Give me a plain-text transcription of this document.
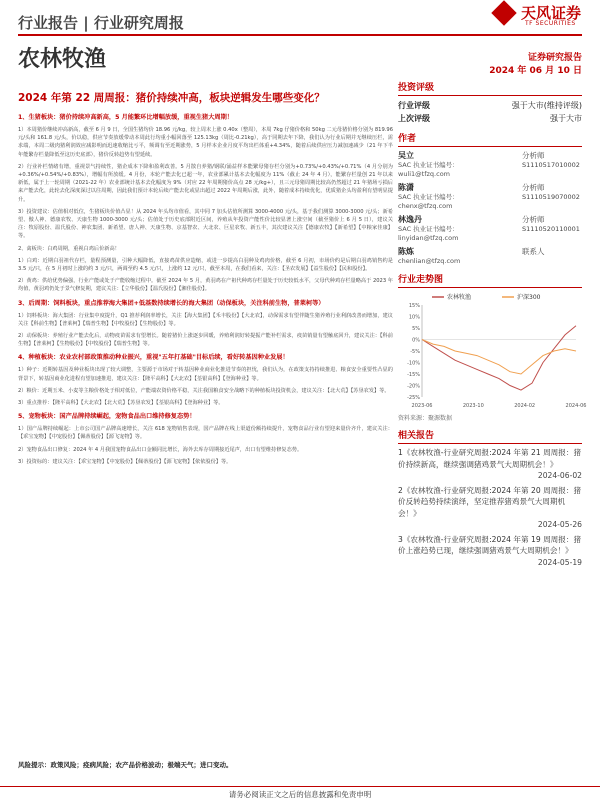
行业报告 | 行业研究周报
天风证券
TF SECURITIES
农林牧渔	证券研究报告
2024 年 06 月 10 日
2024 年第 22 周周报：猪价持续冲高，板块逆辑发生哪些变化？
1、生猪板块：猪价持续冲高新高，5 月能繁环比增幅放缓，重视生猪大周期！
1）本周猪价继续冲高新高，截至 6 月 9 日，全国生猪均价 18.96 元/kg，较上周末上涨 0.40x（整周），本周 7kg 仔猪价格和 50kg 二元母猪价格分别为 819.96 元/头和 161.8 元/头，价以稳，供应节奏放缓带动本周此行均重小幅回落至 125.13kg（周比-0.21kg），高于同期去年下降，我们认为行业后期并无继续压栏，需求端，本周二级肉猪利润效应减影明而迅速收缩比亏平，频调有至近期涨势，5 月样本企业月度平均出栏体重+4.34%，随着后续供应压力减加速减少（21 年下半年能繁存栏量降低至这历史底部），猪价反转趋势有望延续。
2）行业补栏情绪有增，重视景气持续性，猪企成本下降和盈利改善。5 月散自养猪/钢联/涌益样本能繁母猪存栏分别为+0.73%/+0.43%/+0.71%（4 月分别为+0.36%/+0.54%/+0.83%），增幅有所放缓。4 月份，本轮产能去化已超一年，农业部累计基本去化幅度为 11%（截止 24 年 4 月），能繁存栏量创 21 年以来新低，属于上一轮周期（2021-22 年）农业部统计基本去化幅度为 9%（对应 22 年周期猪价高点 28 元/kg+），且三元母猪周期比较高仍然超过 21 年猪场亏损后来产能去化，此轮去化深度深过以往周期，因此我们预计本轮后续产能去化或显出超过 2022 年周期后涨，此外，随着成本持续优化，优质猪企头均盈利有望明显提升。
3）投资建议：估值相对低位，生猪板块价值凸显！从 2024 年头均市值看，其中同 7 加头估值所测算 3000-4000 元/头，基于我们测算 3000-3000 元/头；新希望、傲人神、德康农牧、天康生物 1000-3000 元/头；估值处于历史底部附近区间，养殖从年投资产能性价比较显著上涨空间（截至猪价上 6 月 5 日），建议关注：牧原股份、温氏股份、神农集团、新希望、唐人神、天康生物、京基智农、大北农、巨星农牧、新五丰，其次建议关注【德康农牧】【新希望】【中粮家佳康】等。
2、禽板块：白鸡周期，重视白鸡后价新高！
1）白鸡：近期白羽祖代存栏，量程预测量，引种大幅降低，直接鸡苗供应造缩，或进一步提高白羽种及鸡肉价格，截至 6 月初，市场价约是后期白羽鸡销售约是 3.5 元/只，在 5 月初时上涨的约 3 元/只，两调至约 4.5 元/只，上涨约 12 元/只，截至本周，在我们看来，关注：【圣农发展】【益生股份】【民和股份】。
2）黄鸡：供给优势偏强，行业产能或处于产能收缩过程中。截至 2024 年 5 月，黄羽鸡在产祖代种鸡存栏量处于历史较低水平，父母代种鸡存栏量略高于 2023 年均值，黄羽鸡仍处于景气修复期，建议关注：【立华股份】【温氏股份】【湘佳股份】。
3、后周期：饲料板块，重点推荐海大集团+低基数持续增长的海大集团（动保板块，关注科前生物，普莱柯等）
1）饲料板块：海大集团：行业集中度提升，Q1 推荐利润率增长，关注【海大集团】【禾丰股份】【大北农】，动保需求有望伴随生猪养殖行业利润改善而增加，建议关注【科前生物】【普莱柯】【瑞普生物】【中牧股份】【生物股份】等。
2）动保板块：养殖行业产能去化后，动物疫苗需求有望增长。随着猪价上涨逐步回暖，养殖利润好转提振产能补栏需求，疫苗销量有望触底回升，建议关注：【科前生物】【普莱柯】【生物股份】【中牧股份】【瑞普生物】等。
4、种植板块：农业农村部政策推动种业振兴，重视"五年打基础"目标后续，看好转基因种业发展！
1）种子：近期转基因及种业板块出现了较大调整，主要源于市场对于转基因种业商业化推进节奏的担忧，我们认为，在政策支持持续推进、粮食安全重要性凸显的背景下，转基因商业化进程有望加速推进，建议关注：【隆平高科】【大北农】【荃银高科】【登海种业】等。
2）粮价：近期玉米、小麦等主粮价格处于相对低位，产能端农资价格平稳，关注我国粮食安全战略下的种植板块投资机会，建议关注：【北大荒】【苏垦农发】等。
3）重点推荐：【隆平高科】【大北农】【北大荒】【苏垦农发】【荃银高科】【登海种业】等。
5、宠物板块：国产品牌持续崛起，宠物食品出口维持修复态势！
1）国产品牌持续崛起：上市公司国产品牌高速增长，关注 618 宠物销售表现，国产品牌在线上渠道份额持续提升，宠物食品行业有望迎来量价齐升，建议关注：【乖宝宠物】【中宠股份】【佩蒂股份】【源飞宠物】等。
2）宠物食品出口修复：2024 年 4 月我国宠物食品出口金额同比增长，海外去库存周期接近尾声，出口有望维持修复态势。
3）投资标的：建议关注：【乖宝宠物】【中宠股份】【佩蒂股份】【源飞宠物】【依依股份】等。
投资评级
行业评级	强于大市(维持评级)
上次评级	强于大市
作者
吴立	分析师
SAC 执业证书编号：	S1110517010002
wuli1@tfzq.com
陈潇	分析师
SAC 执业证书编号：	S1110519070002
chenx@tfzq.com
林逸丹	分析师
SAC 执业证书编号：	S1110520110001
linyidan@tfzq.com
陈炼	联系人
chenlian@tfzq.com
行业走势图
15%
10%
5%
0%
-5%
-10%
-15%
-20%
-25%
2023-06	2023-10	2024-02	2024-06
农林牧渔	沪深300
资料来源：聚源数据
相关报告
1《农林牧渔-行业研究周报:2024 年第 21 周周报：猪价持续新高，继续强调猪鸡景气大周期机会！》
2024-06-02
2《农林牧渔-行业研究周报:2024 年第 20 周周报：猪价反转趋势持续演绎，坚定推荐猪鸡景气大周期机会！》
2024-05-26
3《农林牧渔-行业研究周报:2024 年第 19 周周报：猪价上涨趋势已现，继续强调猪鸡景气大周期机会！》
2024-05-19
风险提示：政策风险；疫病风险；农产品价格波动；极端天气；进口变动。
请务必阅读正文之后的信息披露和免责申明
